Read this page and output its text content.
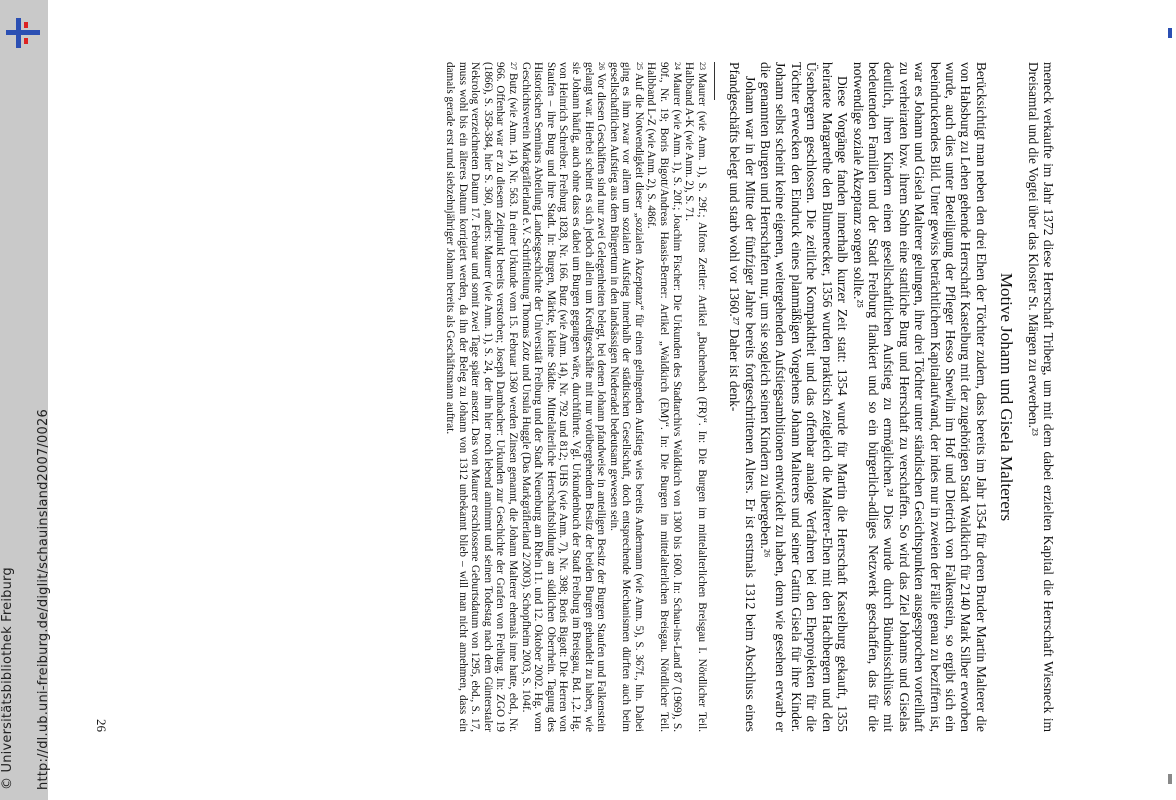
http://dl.ub.uni-freiburg.de/diglit/schauinsland2007/0026
© Universitätsbibliothek Freiburg	meneck verkaufte im Jahr 1372 diese Herrschaft Triberg, um mit dem dabei erzielten Kapital die Herrschaft Wiesneck im Dreisamtal und die Vogtei über das Kloster St. Märgen zu erwerben.²³

Motive Johann und Gisela Malterers

Berücksichtigt man neben den drei Ehen der Töchter zudem, dass bereits im Jahr 1354 für deren Bruder Martin Malterer die von Habsburg zu Lehen gehende Herrschaft Kastelburg mit der zugehörigen Stadt Waldkirch für 2140 Mark Silber erworben wurde, auch dies unter Beteiligung der Pfleger Hesso Snewlin im Hof und Dietrich von Falkenstein, so ergibt sich ein beeindruckendes Bild. Unter gewiss beträchtlichem Kapitalaufwand, der indes nur in zweien der Fälle genau zu beziffern ist, war es Johann und Gisela Malterer gelungen, ihre drei Töchter unter ständischen Gesichtspunkten ausgesprochen vorteilhaft zu verheiraten bzw. ihrem Sohn eine stattliche Burg und Herrschaft zu verschaffen. So wird das Ziel Johanns und Giselas deutlich, ihren Kindern einen gesellschaftlichen Aufstieg zu ermöglichen.²⁴ Dies wurde durch Bündnisschlüsse mit bedeutenden Familien und der Stadt Freiburg flankiert und so ein bürgerlich-adliges Netzwerk geschaffen, das für die notwendige soziale Akzeptanz sorgen sollte.²⁵

Diese Vorgänge fanden innerhalb kurzer Zeit statt: 1354 wurde für Martin die Herrschaft Kastelburg gekauft, 1355 heiratete Margarethe den Blumenecker, 1356 wurden praktisch zeitgleich die Malterer-Ehen mit den Hachbergern und den Üsenbergern geschlossen. Die zeitliche Kompaktheit und das offenbar analoge Verfahren bei den Eheprojekten für die Töchter erwecken den Eindruck eines planmäßigen Vorgehens Johann Malterers und seiner Gattin Gisela für ihre Kinder. Johann selbst scheint keine eigenen, weitergehenden Aufstiegsambitionen entwickelt zu haben, denn wie gesehen erwarb er die genannten Burgen und Herrschaften nur, um sie sogleich seinen Kindern zu übergeben.²⁶

Johann war in der Mitte der fünfziger Jahre bereits fortgeschrittenen Alters. Er ist erstmals 1312 beim Abschluss eines Pfandgeschäfts belegt und starb wohl vor 1360.²⁷ Daher ist denk-

$^{23}$Maurer (wie Anm. 1), S. 29f.; Alfons Zettler: Artikel „Buchenbach (FR)“. In: Die Burgen im mittelalterlichen Breisgau I. Nördlicher Teil. Halbband A-K (wie Anm. 2), S. 71.

$^{24}$Maurer (wie Anm. 1), S. 20f.; Joachim Fischer: Die Urkunden des Stadtarchivs Waldkirch von 1300 bis 1600. In: Schau-ins-Land 87 (1969), S. 90f., Nr. 19; Boris Bigott/Andreas Haasis-Berner: Artikel „Waldkirch (EM)“. In: Die Burgen im mittelalterlichen Breisgau. Nördlicher Teil. Halbband L-Z (wie Anm. 2), S. 486f.

$^{25}$Auf die Notwendigkeit dieser „sozialen Akzeptanz“ für einen gelingenden Aufstieg wies bereits Andermann (wie Anm. 5), S. 367f., hin. Dabei ging es ihm zwar vor allem um sozialen Aufstieg innerhalb der städtischen Gesellschaft, doch entsprechende Mechanismen dürften auch beim gesellschaftlichen Aufstieg aus dem Bürgertum in den landsässigen Niederadel bedeutsam gewesen sein.

$^{26}$Vor diesen Geschäften sind nur zwei Gelegenheiten belegt, bei denen Johann pfandweise in anteiligen Besitz der Burgen Staufen und Falkenstein gelangt war. Hierbei scheint es sich jedoch allein um Kreditgeschäfte mit nur vorübergehendem Besitz der beiden Burgen gehandelt zu haben, wie sie Johann häufig, auch ohne dass es dabei um Burgen gegangen wäre, durchführte. Vgl. Urkundenbuch der Stadt Freiburg im Breisgau, Bd. 1,2. Hg. von Heinrich Schreiber. Freiburg 1828, Nr. 166. Butz (wie Anm. 14), Nr. 792 und 812; UHS (wie Anm. 7), Nr. 398; Boris Bigott: Die Herren von Staufen – ihre Burg und ihre Stadt. In: Burgen, Märkte, kleine Städte. Mittelalterliche Herrschaftsbildung am südlichen Oberrhein. Tagung des Historischen Seminars Abteilung Landesgeschichte der Universität Freiburg und der Stadt Neuenburg am Rhein 11. und 12. Oktober 2002. Hg. vom Geschichtsverein Markgräflerland e.V. Schriftleitung Thomas Zotz und Ursula Huggle (Das Markgräflerland 2/2003). Schopfheim 2003, S. 104f.

$^{27}$Butz (wie Anm. 14), Nr. 563. In einer Urkunde vom 15. Februar 1360 werden Zinsen genannt, die Johann Malterer ehemals inne hatte, ebd., Nr. 966. Offenbar war er zu diesem Zeitpunkt bereits verstorben; Joseph Dambacher: Urkunden zur Geschichte der Grafen von Freiburg. In: ZGO 19 (1866), S. 358-384, hier S. 360, anders: Maurer (wie Anm. 1), S. 24, der ihn hier noch lebend annimmt und seinen Todestag nach dem Günterstaler Nekrolog verzeichneten Datum 17. Februar und somit zwei Tage später ansetzt. Das von Maurer erschlossene Geburtsdatum von 1295, ebd., S. 17, muss wohl bis ein älteres Datum korrigiert werden, da ihn der Beleg zu Johann von 1312 unbekannt blieb – will man nicht annehmen, dass ein damals gerade erst rund siebzehnjähriger Johann bereits als Geschäftsmann auftrat.

26
